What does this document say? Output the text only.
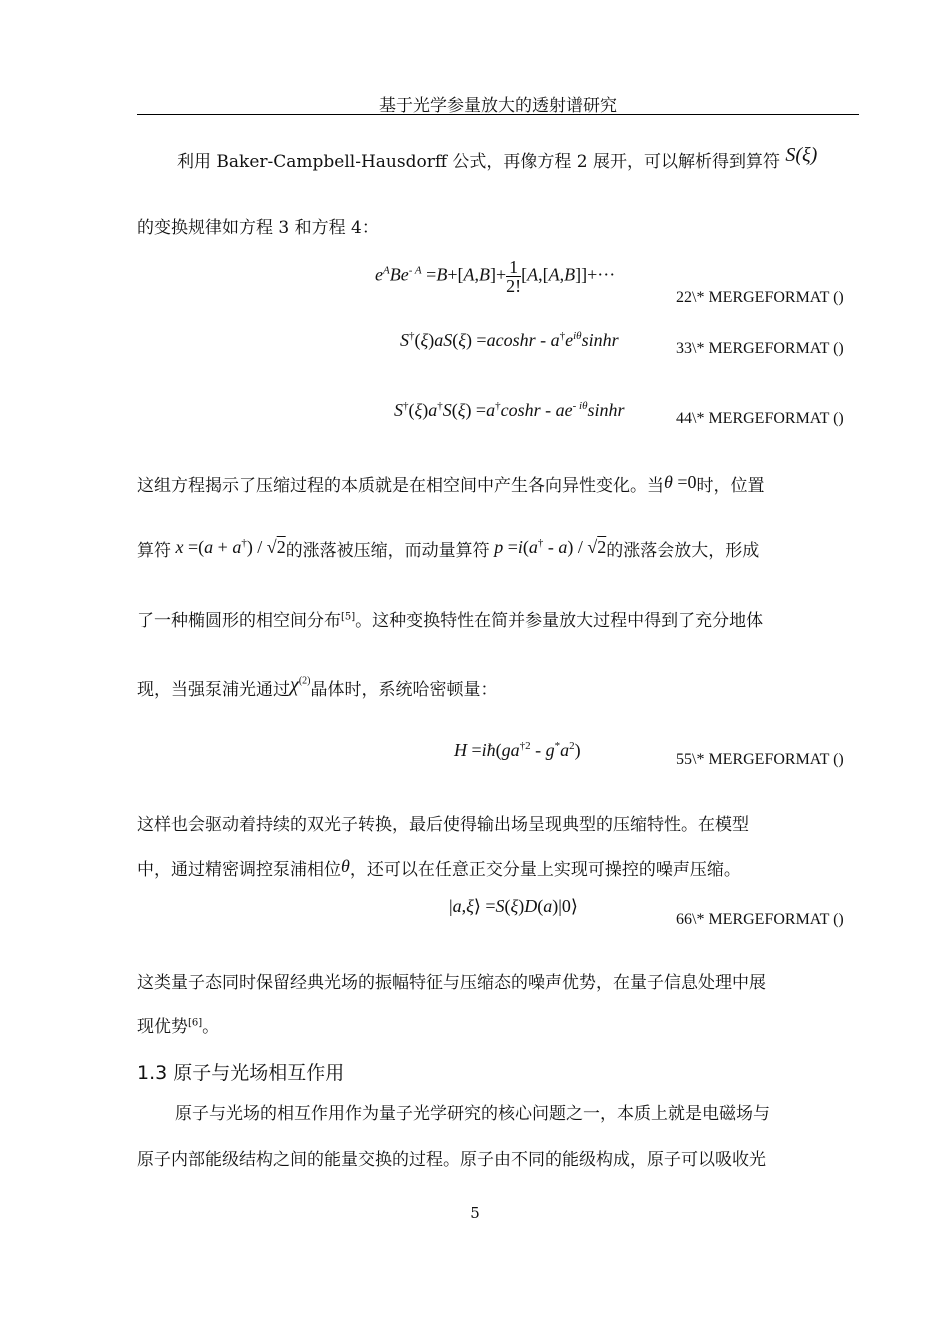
基于光学参量放大的透射谱研究
利用 Baker-Campbell-Hausdorff 公式，再像方程 2 展开，可以解析得到算符 S(ξ)
的变换规律如方程 3 和方程 4：
$e^ABe^{- A} =B+[A,B]+ \frac{1}{2!} [A,[A,B]]+\cdot\cdot\cdot$
22\* MERGEFORMAT ()
$S^\dagger(\xi)aS(\xi) =acoshr - a^\dagger e^{i\theta}\sinh r$	33\* MERGEFORMAT ()
$S^\dagger(\xi)a^\dagger S(\xi) =a^\dagger\cosh r - ae^{- i\theta}\sinh r$	44\* MERGEFORMAT ()
这组方程揭示了压缩过程的本质就是在相空间中产生各向异性变化。当θ =0时，位置
算符 x =(a + a†) / √2的涨落被压缩，而动量算符 p =i(a† - a) / √2的涨落会放大，形成
了一种椭圆形的相空间分布[5]。这种变换特性在简并参量放大过程中得到了充分地体
现，当强泵浦光通过$\chi^{(2)}$晶体时，系统哈密顿量：
$H =iħ(ga^{\dagger 2} - g^*a^2)$	55\* MERGEFORMAT ()
这样也会驱动着持续的双光子转换，最后使得输出场呈现典型的压缩特性。在模型
中，通过精密调控泵浦相位θ，还可以在任意正交分量上实现可操控的噪声压缩。
|a,ξ⟩ =S(ξ)D(a)|0⟩
66\* MERGEFORMAT ()
这类量子态同时保留经典光场的振幅特征与压缩态的噪声优势，在量子信息处理中展
现优势[6]。
1.3 原子与光场相互作用
原子与光场的相互作用作为量子光学研究的核心问题之一，本质上就是电磁场与
原子内部能级结构之间的能量交换的过程。原子由不同的能级构成，原子可以吸收光
5
